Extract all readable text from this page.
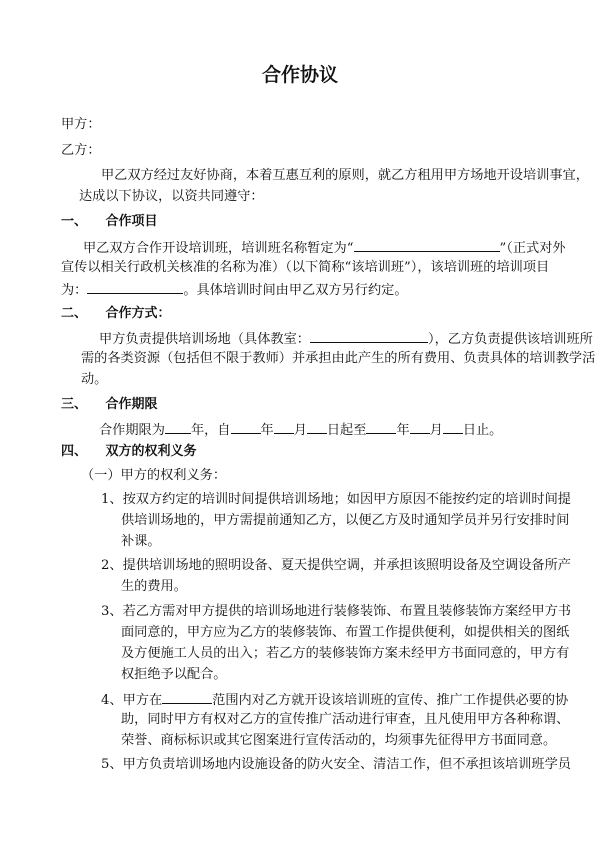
合作协议
甲方：
乙方：
甲乙双方经过友好协商，本着互惠互利的原则，就乙方租用甲方场地开设培训事宜，
达成以下协议，以资共同遵守：
一、 合作项目
甲乙双方合作开设培训班，培训班名称暂定为“	”（正式对外
宣传以相关行政机关核准的名称为准）（以下简称“该培训班”），该培训班的培训项目
为：	。具体培训时间由甲乙双方另行约定。
二、 合作方式：
甲方负责提供培训场地（具体教室：	），乙方负责提供该培训班所
需的各类资源（包括但不限于教师）并承担由此产生的所有费用、负责具体的培训教学活
动。
三、 合作期限
合作期限为 年，自 年 月 日起至 年 月 日止。
四、 双方的权利义务
（一）甲方的权利义务：
1、按双方约定的培训时间提供培训场地；如因甲方原因不能按约定的培训时间提
供培训场地的，甲方需提前通知乙方，以便乙方及时通知学员并另行安排时间
补课。
2、提供培训场地的照明设备、夏天提供空调，并承担该照明设备及空调设备所产
生的费用。
3、若乙方需对甲方提供的培训场地进行装修装饰、布置且装修装饰方案经甲方书
面同意的，甲方应为乙方的装修装饰、布置工作提供便利，如提供相关的图纸
及方便施工人员的出入；若乙方的装修装饰方案未经甲方书面同意的，甲方有
权拒绝予以配合。
4、甲方在	范围内对乙方就开设该培训班的宣传、推广工作提供必要的协
助，同时甲方有权对乙方的宣传推广活动进行审查，且凡使用甲方各种称谓、
荣誉、商标标识或其它图案进行宣传活动的，均须事先征得甲方书面同意。
5、甲方负责培训场地内设施设备的防火安全、清洁工作，但不承担该培训班学员
